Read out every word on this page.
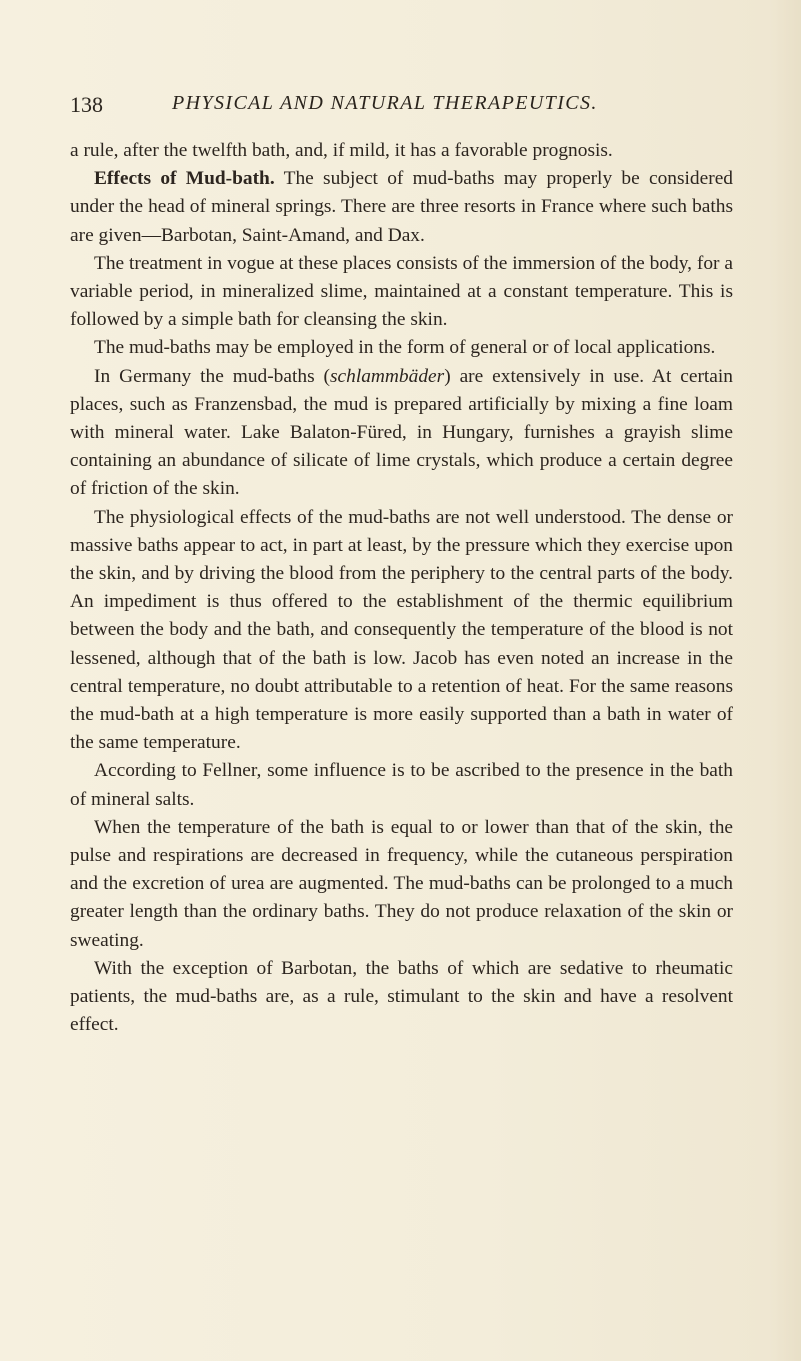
138	PHYSICAL AND NATURAL THERAPEUTICS.

a rule, after the twelfth bath, and, if mild, it has a favorable prognosis.

Effects of Mud-bath. The subject of mud-baths may properly be considered under the head of mineral springs. There are three resorts in France where such baths are given—Barbotan, Saint-Amand, and Dax.

The treatment in vogue at these places consists of the immersion of the body, for a variable period, in mineralized slime, maintained at a constant temperature. This is followed by a simple bath for cleansing the skin.

The mud-baths may be employed in the form of general or of local applications.

In Germany the mud-baths (schlammbäder) are extensively in use. At certain places, such as Franzensbad, the mud is prepared artificially by mixing a fine loam with mineral water. Lake Balaton-Füred, in Hungary, furnishes a grayish slime containing an abundance of silicate of lime crystals, which produce a certain degree of friction of the skin.

The physiological effects of the mud-baths are not well understood. The dense or massive baths appear to act, in part at least, by the pressure which they exercise upon the skin, and by driving the blood from the periphery to the central parts of the body. An impediment is thus offered to the establishment of the thermic equilibrium between the body and the bath, and consequently the temperature of the blood is not lessened, although that of the bath is low. Jacob has even noted an increase in the central temperature, no doubt attributable to a retention of heat. For the same reasons the mud-bath at a high temperature is more easily supported than a bath in water of the same temperature.

According to Fellner, some influence is to be ascribed to the presence in the bath of mineral salts.

When the temperature of the bath is equal to or lower than that of the skin, the pulse and respirations are decreased in frequency, while the cutaneous perspiration and the excretion of urea are augmented. The mud-baths can be prolonged to a much greater length than the ordinary baths. They do not produce relaxation of the skin or sweating.

With the exception of Barbotan, the baths of which are sedative to rheumatic patients, the mud-baths are, as a rule, stimulant to the skin and have a resolvent effect.
